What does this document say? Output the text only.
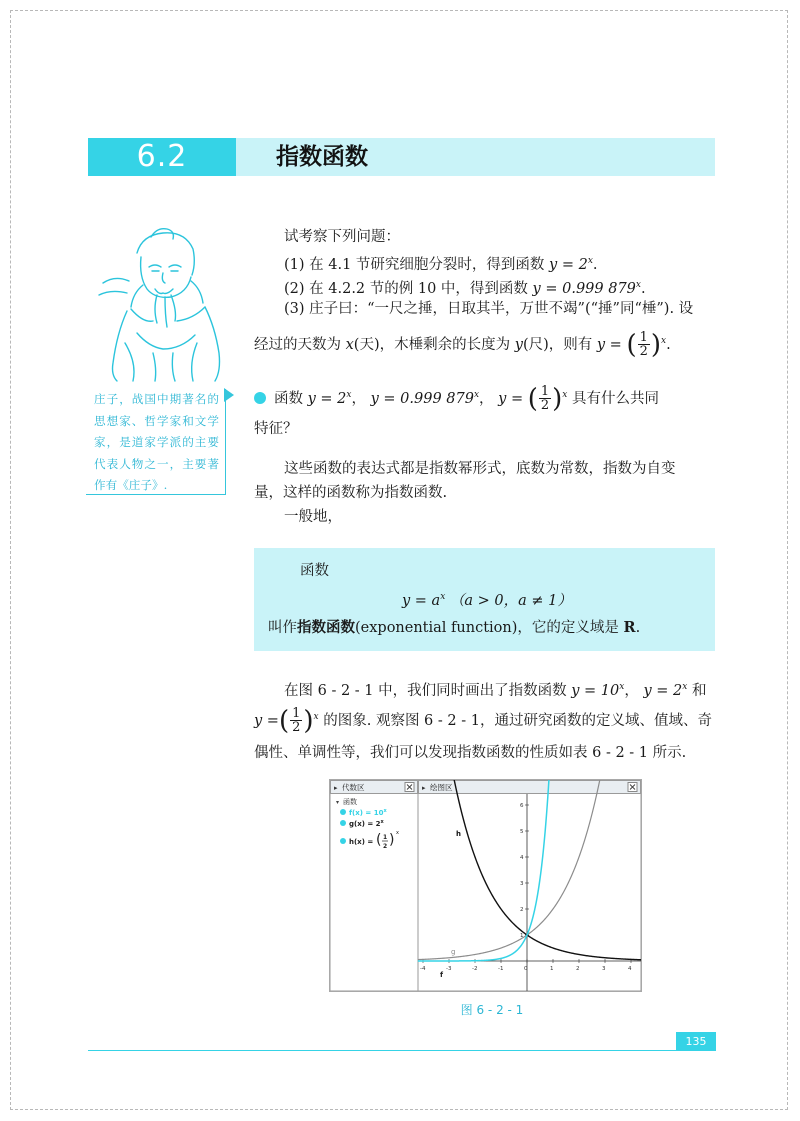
6.2	指数函数
庄子，战国中期著名的思想家、哲学家和文学家，是道家学派的主要代表人物之一，主要著作有《庄子》.
试考察下列问题：
(1) 在 4.1 节研究细胞分裂时，得到函数 $y = 2^x$.
(2) 在 4.2.2 节的例 10 中，得到函数 y = 0.999 879$^x$.
(3) 庄子曰：“一尺之捶，日取其半，万世不竭”(“捶”同“棰”). 设
经过的天数为 x(天)，木棰剩余的长度为 y(尺)，则有 y = ( $\frac{1}{2} )^x$.
函数 $y = 2^x$， y = 0.999 879$^x$， y = ( $\frac{1}{2} )^x$ 具有什么共同
特征？
这些函数的表达式都是指数幂形式，底数为常数，指数为自变
量，这样的函数称为指数函数.
一般地，
函数
$y = a^x$ （a > 0，a ≠ 1）
叫作指数函数(exponential function)，它的定义域是 R.
在图 6 - 2 - 1 中，我们同时画出了指数函数 $y = 10^x$， $y = 2^x$ 和
y =( $\frac{1}{2} )^x$ 的图象. 观察图 6 - 2 - 1，通过研究函数的定义域、值域、奇
偶性、单调性等，我们可以发现指数函数的性质如表 6 - 2 - 1 所示.
▸ 代数区	▸ 绘图区
▾ 函数
$f(x) = 10^x$
$g(x) = 2^x$
h(x) = ( 1
2 ) x
-4	-3	-2	-1	0	1	2	3	4
1
2
3
4
5
6
h
g
f
图 6 - 2 - 1
135
